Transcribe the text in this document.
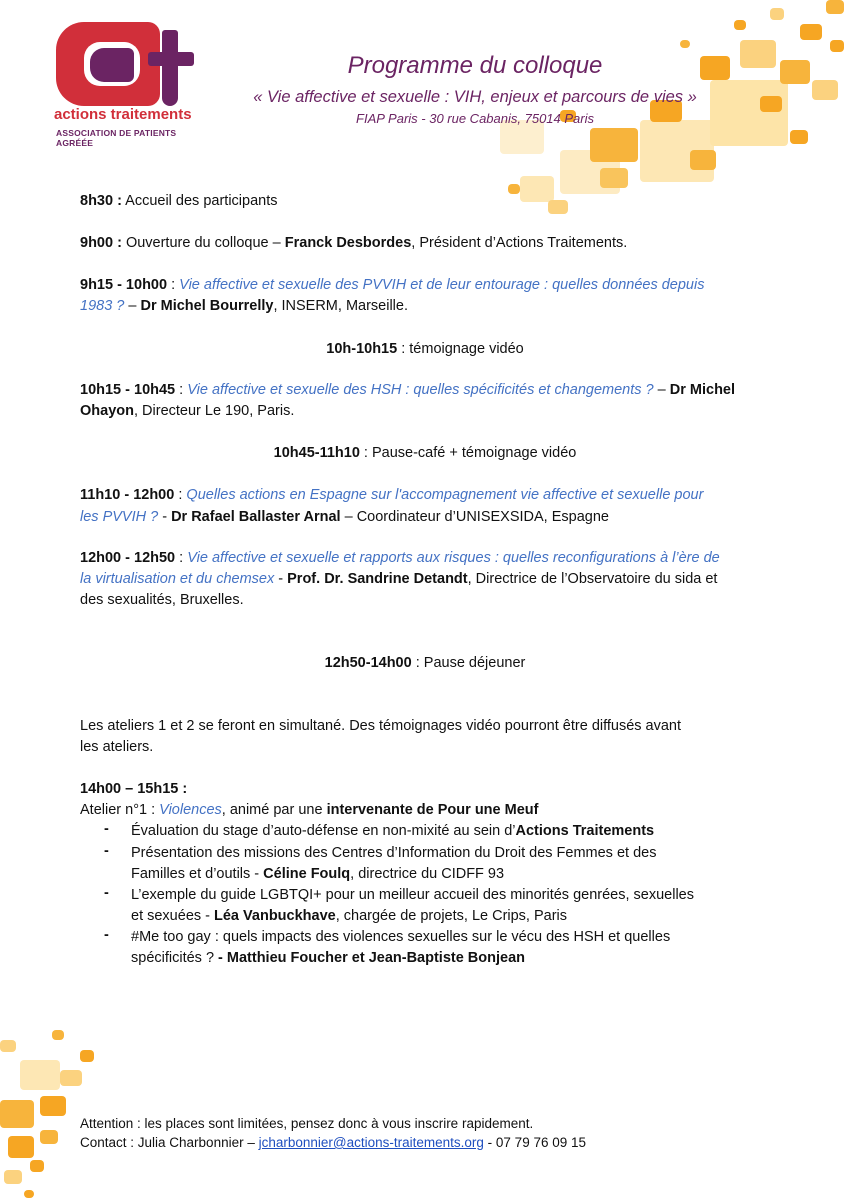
actions traitements
ASSOCIATION DE PATIENTS AGRÉÉE
Programme du colloque
« Vie affective et sexuelle : VIH, enjeux et parcours de vies »
FIAP Paris - 30 rue Cabanis, 75014 Paris
8h30 : Accueil des participants
9h00 : Ouverture du colloque – Franck Desbordes, Président d’Actions Traitements.
9h15 - 10h00 : Vie affective et sexuelle des PVVIH et de leur entourage : quelles données depuis
1983 ? – Dr Michel Bourrelly, INSERM, Marseille.
10h-10h15 : témoignage vidéo
10h15 - 10h45 : Vie affective et sexuelle des HSH : quelles spécificités et changements ? – Dr Michel
Ohayon, Directeur Le 190, Paris.
10h45-11h10 : Pause-café + témoignage vidéo
11h10 - 12h00 : Quelles actions en Espagne sur l'accompagnement vie affective et sexuelle pour
les PVVIH ? - Dr Rafael Ballaster Arnal – Coordinateur d’UNISEXSIDA, Espagne
12h00 - 12h50 : Vie affective et sexuelle et rapports aux risques : quelles reconfigurations à l’ère de
la virtualisation et du chemsex - Prof. Dr. Sandrine Detandt, Directrice de l’Observatoire du sida et
des sexualités, Bruxelles.
12h50-14h00 : Pause déjeuner
Les ateliers 1 et 2 se feront en simultané. Des témoignages vidéo pourront être diffusés avant
les ateliers.
14h00 – 15h15 :
Atelier n°1 : Violences, animé par une intervenante de Pour une Meuf
- Évaluation du stage d’auto-défense en non-mixité au sein d’Actions Traitements
- Présentation des missions des Centres d’Information du Droit des Femmes et des
Familles et d’outils - Céline Foulq, directrice du CIDFF 93
- L’exemple du guide LGBTQI+ pour un meilleur accueil des minorités genrées, sexuelles
et sexuées - Léa Vanbuckhave, chargée de projets, Le Crips, Paris
- #Me too gay : quels impacts des violences sexuelles sur le vécu des HSH et quelles
spécificités ? - Matthieu Foucher et Jean-Baptiste Bonjean
Attention : les places sont limitées, pensez donc à vous inscrire rapidement.
Contact : Julia Charbonnier – jcharbonnier@actions-traitements.org - 07 79 76 09 15
